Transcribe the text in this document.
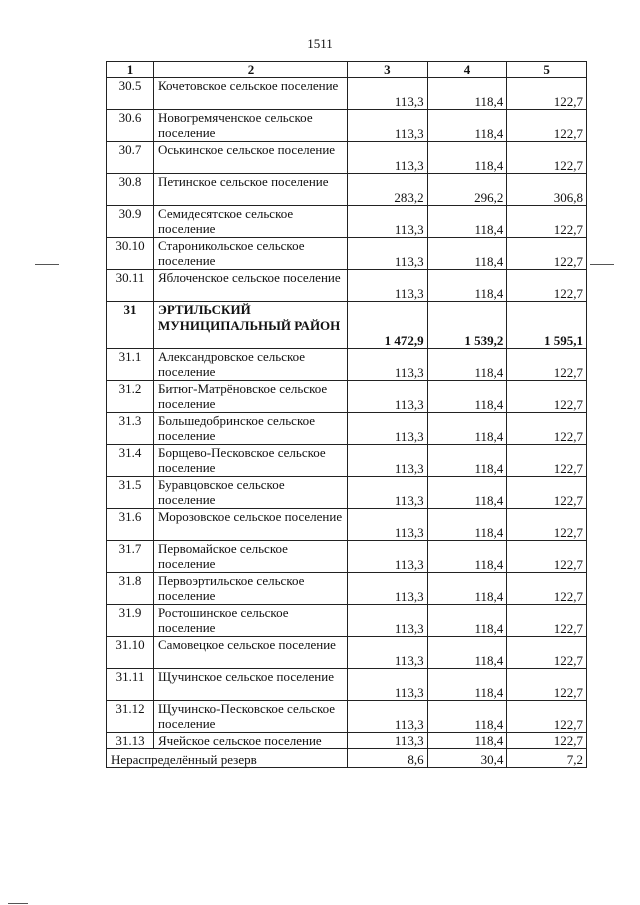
1511
1	2	3	4	5
30.5	Кочетовское сельское поселение	113,3	118,4	122,7
30.6	Новогремяченское сельское поселение	113,3	118,4	122,7
30.7	Оськинское сельское поселение	113,3	118,4	122,7
30.8	Петинское сельское поселение	283,2	296,2	306,8
30.9	Семидесятское сельское поселение	113,3	118,4	122,7
30.10	Староникольское сельское поселение	113,3	118,4	122,7
30.11	Яблоченское сельское поселение	113,3	118,4	122,7
31	ЭРТИЛЬСКИЙ МУНИЦИПАЛЬНЫЙ РАЙОН	1 472,9	1 539,2	1 595,1
31.1	Александровское сельское поселение	113,3	118,4	122,7
31.2	Битюг-Матрёновское сельское поселение	113,3	118,4	122,7
31.3	Большедобринское сельское поселение	113,3	118,4	122,7
31.4	Борщево-Песковское сельское поселение	113,3	118,4	122,7
31.5	Буравцовское сельское поселение	113,3	118,4	122,7
31.6	Морозовское сельское поселение	113,3	118,4	122,7
31.7	Первомайское сельское поселение	113,3	118,4	122,7
31.8	Первоэртильское сельское поселение	113,3	118,4	122,7
31.9	Ростошинское сельское поселение	113,3	118,4	122,7
31.10	Самовецкое сельское поселение	113,3	118,4	122,7
31.11	Щучинское сельское поселение	113,3	118,4	122,7
31.12	Щучинско-Песковское сельское поселение	113,3	118,4	122,7
31.13	Ячейское сельское поселение	113,3	118,4	122,7
Нераспределённый резерв		8,6	30,4	7,2
